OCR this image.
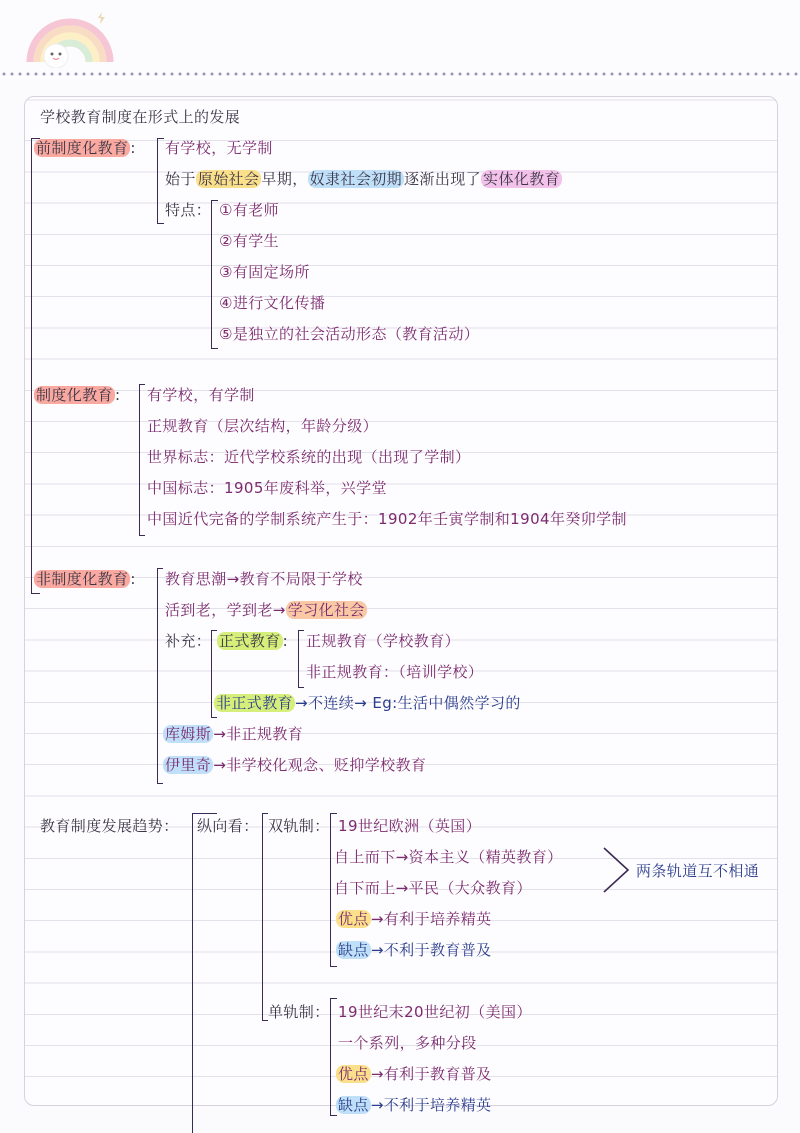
学校教育制度在形式上的发展
前制度化教育 : 有学校，无学制
始于 原始社会 早期， 奴隶社会初期 逐渐出现了 实体化教育
特点： ①有老师
②有学生
③有固定场所
④进行文化传播
⑤是独立的社会活动形态（教育活动）
制度化教育 : 有学校，有学制
正规教育（层次结构，年龄分级）
世界标志：近代学校系统的出现（出现了学制）
中国标志：1905年废科举，兴学堂
中国近代完备的学制系统产生于：1902年壬寅学制和1904年癸卯学制
非制度化教育 : 教育思潮→教育不局限于学校
活到老，学到老→ 学习化社会
补充： 正式教育 : 正规教育（学校教育）
非正规教育：（培训学校）
非正式教育 →不连续→ Eg:生活中偶然学习的
库姆斯 →非正规教育
伊里奇 →非学校化观念、贬抑学校教育
教育制度发展趋势： 纵向看： 双轨制： 19世纪欧洲（英国）
自上而下→资本主义（精英教育）
自下而上→平民（大众教育）
两条轨道互不相通
优点 →有利于培养精英
缺点 →不利于教育普及
单轨制： 19世纪末20世纪初（美国）
一个系列，多种分段
优点 →有利于教育普及
缺点 →不利于培养精英
